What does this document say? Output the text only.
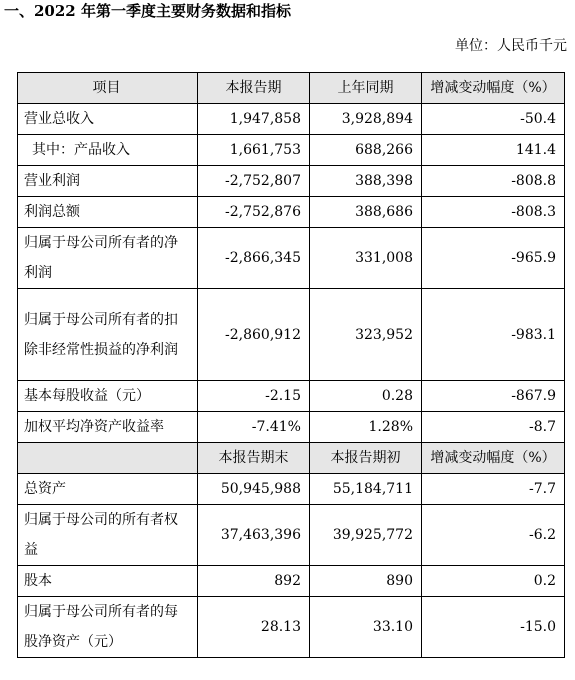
一、2022 年第一季度主要财务数据和指标
单位：人民币千元
项目	本报告期	上年同期	增减变动幅度（%）
营业总收入	1,947,858	3,928,894	-50.4
其中：产品收入	1,661,753	688,266	141.4
营业利润	-2,752,807	388,398	-808.8
利润总额	-2,752,876	388,686	-808.3
归属于母公司所有者的净利润	-2,866,345	331,008	-965.9
归属于母公司所有者的扣除非经常性损益的净利润	-2,860,912	323,952	-983.1
基本每股收益（元）	-2.15	0.28	-867.9
加权平均净资产收益率	-7.41%	1.28%	-8.7
	本报告期末	本报告期初	增减变动幅度（%）
总资产	50,945,988	55,184,711	-7.7
归属于母公司的所有者权益	37,463,396	39,925,772	-6.2
股本	892	890	0.2
归属于母公司所有者的每股净资产（元）	28.13	33.10	-15.0
